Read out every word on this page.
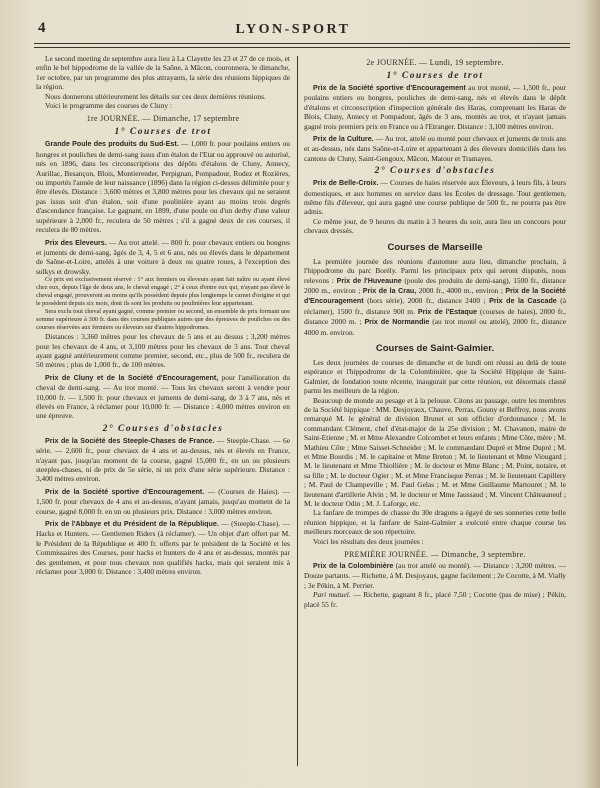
4	LYON-SPORT

Le second meeting de septembre aura lieu à La Clayette les 23 et 27 de ce mois, et enfin le bel hippodrome de la vallée de la Saône, à Mâcon, couronnera, le dimanche, 1er octobre, par un programme des plus attrayants, la série des réunions hippiques de la région.

Nous donnerons ultérieurement les détails sur ces deux dernières réunions.

Voici le programme des courses de Cluny :

1re JOURNÉE. — Dimanche, 17 septembre
1° Courses de trot

Grande Poule des produits du Sud-Est. — 1,000 fr. pour poulains entiers ou hongres et pouliches de demi-sang issus d'un étalon de l'Etat ou approuvé ou autorisé, nés en 1896, dans les circonscriptions des dépôts d'étalons de Cluny, Annecy, Aurillac, Besançon, Blois, Montierender, Perpignan, Pompadour, Rodez et Rozières, ou importés l'année de leur naissance (1896) dans la région ci-dessus délimitée pour y être élevés. Distance : 3,600 mètres et 3,800 mètres pour les chevaux qui ne seraient pas issus soit d'un étalon, soit d'une poulinière ayant au moins trois degrés d'ascendance française. Le gagnant, en 1899, d'une poule ou d'un derby d'une valeur supérieure à 2,000 fr., reculera de 50 mètres ; s'il a gagné deux de ces courses, il reculera de 80 mètres.

Prix des Eleveurs. — Au trot attelé. — 800 fr. pour chevaux entiers ou hongres et juments de demi-sang, âgés de 3, 4, 5 et 6 ans, nés ou élevés dans le département de Saône-et-Loire, attelés à une voiture à deux ou quatre roues, à l'exception des sulkys et drowsky.

Ce prix est exclusivement réservé : 1° aux fermiers ou éleveurs ayant fait naître ou ayant élevé chez eux, depuis l'âge de deux ans, le cheval engagé ; 2° à ceux d'entre eux qui, n'ayant pas élevé le cheval engagé, prouveront au moins qu'ils possèdent depuis plus longtemps le carnet d'origine et qui le possèdent depuis six mois, dont ils sont les produits ou poulinières leur appartenant.

Sera exclu tout cheval ayant gagné, comme premier ou second, un ensemble de prix formant une somme supérieure à 300 fr. dans des courses publiques autres que des épreuves de pouliches ou des courses réservées aux fermiers ou éleveurs sur d'autres hippodromes.

Distances : 3,360 mètres pour les chevaux de 5 ans et au dessus ; 3,200 mètres pour les chevaux de 4 ans, et 3,100 mètres pour les chevaux de 3 ans. Tout cheval ayant gagné antérieurement comme premier, second, etc., plus de 500 fr., reculera de 50 mètres ; plus de 1,000 fr., de 100 mètres.

Prix de Cluny et de la Société d'Encouragement, pour l'amélioration du cheval de demi-sang. — Au trot monté. — Tous les chevaux seront à vendre pour 10,000 fr. — 1,500 fr. pour chevaux et juments de demi-sang, de 3 à 7 ans, nés et élevés en France, à réclamer pour 10,000 fr. — Distance : 4,000 mètres environ en une épreuve.

2° Courses d'obstacles

Prix de la Société des Steeple-Chases de France. — Steeple-Chase. — 6e série. — 2,600 fr., pour chevaux de 4 ans et au-dessus, nés et élevés en France, n'ayant pas, jusqu'au moment de la course, gagné 15,000 fr., en un ou plusieurs steeples-chases, ni de prix de 5e série, ni un prix d'une série supérieure. Distance : 3,400 mètres environ.

Prix de la Société sportive d'Encouragement. — (Courses de Haies). — 1,500 fr. pour chevaux de 4 ans et au-dessus, n'ayant jamais, jusqu'au moment de la course, gagné 8,000 fr. en un ou plusieurs prix. Distance : 3,000 mètres environ.

Prix de l'Abbaye et du Président de la République. — (Steeple-Chase). — Hacks et Hunters. — Gentlemen Riders (à réclamer). — Un objet d'art offert par M. le Président de la République et 400 fr. offerts par le président de la Société et les Commissaires des Courses, pour hacks et hunters de 4 ans et au-dessus, montés par des gentlemen, et pour tous chevaux non qualifiés hacks, mais qui seraient mis à réclamer pour 3,000 fr. Distance : 3,400 mètres environ.

2e JOURNÉE. — Lundi, 19 septembre.
1° Courses de trot

Prix de la Société sportive d'Encouragement au trot monté, — 1,500 fr., pour poulains entiers ou hongres, pouliches de demi-sang, nés et élevés dans le dépôt d'étalons et circonscription d'inspection générale des Haras, comprenant les Haras de Blois, Cluny, Annecy et Pompadour, âgés de 3 ans, montés au trot, et n'ayant jamais gagné trois premiers prix en France ou à l'Etranger. Distance : 3,100 mètres environ.

Prix de la Culture. — Au trot, attelé ou monté pour chevaux et juments de trois ans et au-dessus, nés dans Saône-et-Loire et appartenant à des éleveurs domiciliés dans les cantons de Cluny, Saint-Gengoux, Mâcon, Matour et Tramayes.

2° Courses d'obstacles

Prix de Belle-Croix. — Courses de haies réservée aux Éleveurs, à leurs fils, à leurs domestiques, et aux hommes en service dans les Écoles de dressage. Tout gentlemen, même fils d'éleveur, qui aura gagné une course publique de 500 fr., ne pourra pas être admis.

Ce même jour, de 9 heures du matin à 3 heures du soir, aura lieu un concours pour chevaux dressés.

Courses de Marseille

La première journée des réunions d'automne aura lieu, dimanche prochain, à l'hippodrome du parc Borély. Parmi les principaux prix qui seront disputés, nous relevons : Prix de l'Huveaune (poule des produits de demi-sang), 1500 fr., distance 2000 m., environ ; Prix de la Crau, 2000 fr., 4000 m., environ ; Prix de la Société d'Encouragement (hors série), 2000 fr., distance 2400 ; Prix de la Cascade (à réclamer), 1500 fr., distance 900 m. Prix de l'Estaque (courses de haies), 2000 fr., distance 2000 m. ; Prix de Normandie (au trot monté ou attelé), 2000 fr., distance 4000 m. environ.

Courses de Saint-Galmier.

Les deux journées de courses de dimanche et de lundi ont réussi au delà de toute espérance et l'hippodrome de la Colombinière, que la Société Hippique de Saint-Galmier, de fondation toute récente, inaugurait par cette réunion, est désormais classé parmi les meilleurs de la région.

Beaucoup de monde au pesage et à la pelouse. Citons au passage, outre les membres de la Société hippique : MM. Desjoyaux, Chauve, Perras, Gouny et Beffroy, nous avons remarqué M. le général de division Brunet et son officier d'ordonnance ; M. le commandant Clément, chef d'état-major de la 25e division ; M. Chavanon, maire de Saint-Etienne ; M. et Mme Alexandre Colcombet et leurs enfants ; Mme Côte, mère ; M. Mathieu Côte ; Mme Saisset-Schneider ; M. le commandant Dupré et Mme Dupré ; M. et Mme Bourdis ; M. le capitaine et Mme Breton ; M. le lieutenant et Mme Viougard ; M. le lieutenant et Mme Thiollière ; M. le docteur et Mme Blanc ; M. Point, notaire, et sa fille ; M. le docteur Ogier ; M. et Mme Francisque Perras ; M. le lieutenant Capillery ; M. Paul de Champeville ; M. Paul Gelas ; M. et Mme Guillaume Martouret ; M. le lieutenant d'artillerie Alvin ; M. le docteur et Mme Jaussaud ; M. Vincent Châteauneuf ; M. le docteur Odin ; M. J. Laforge, etc.

La fanfare de trompes de chasse du 30e dragons a égayé de ses sonneries cette belle réunion hippique, et la fanfare de Saint-Galmier a exécuté entre chaque course les meilleurs morceaux de son répertoire.

Voici les résultats des deux journées :

PREMIÈRE JOURNÉE. — Dimanche, 3 septembre.

Prix de la Colombinière (au trot attelé ou monté). — Distance : 3,200 mètres. — Douze partants. — Richette, à M. Desjoyaux, gagne facilement ; 2e Cocotte, à M. Vially ; 3e Pékin, à M. Perrier.

Pari mutuel. — Richette, gagnant 8 fr., placé 7,50 ; Cocotte (pas de mise) ; Pékin, placé 55 fr.
